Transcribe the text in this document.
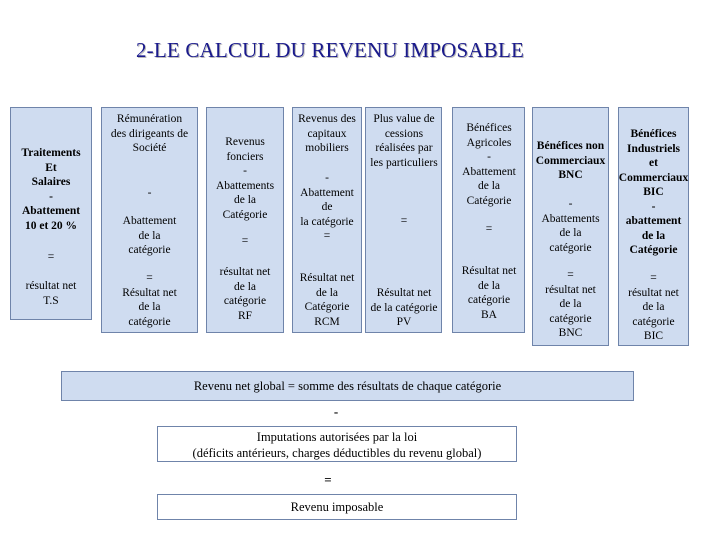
2-LE CALCUL DU REVENU IMPOSABLE
Traitements
Et
Salaires
-
Abattement
10 et 20 %
=
résultat net
T.S
Rémunération
des dirigeants de
Société
-
Abattement
de la
catégorie
=
Résultat net
de la
catégorie
Revenus
fonciers
-
Abattements
de la
Catégorie
=
résultat net
de la
catégorie
RF
Revenus des
capitaux
mobiliers
-
Abattement
de
la catégorie
=
Résultat net
de la
Catégorie
RCM
Plus value de
cessions
réalisées par
les particuliers
=
Résultat net
de la catégorie
PV
Bénéfices
Agricoles
-
Abattement
de la
Catégorie
=
Résultat net
de la
catégorie
BA
Bénéfices non
Commerciaux
BNC
-
Abattements
de la
catégorie
=
résultat net
de la
catégorie
BNC
Bénéfices
Industriels
et
Commerciaux
BIC
-
abattement
de la
Catégorie
=
résultat net
de la
catégorie
BIC
Revenu net global = somme des résultats de chaque catégorie
-
Imputations autorisées par la loi
(déficits antérieurs, charges déductibles du revenu global)
=
Revenu imposable
